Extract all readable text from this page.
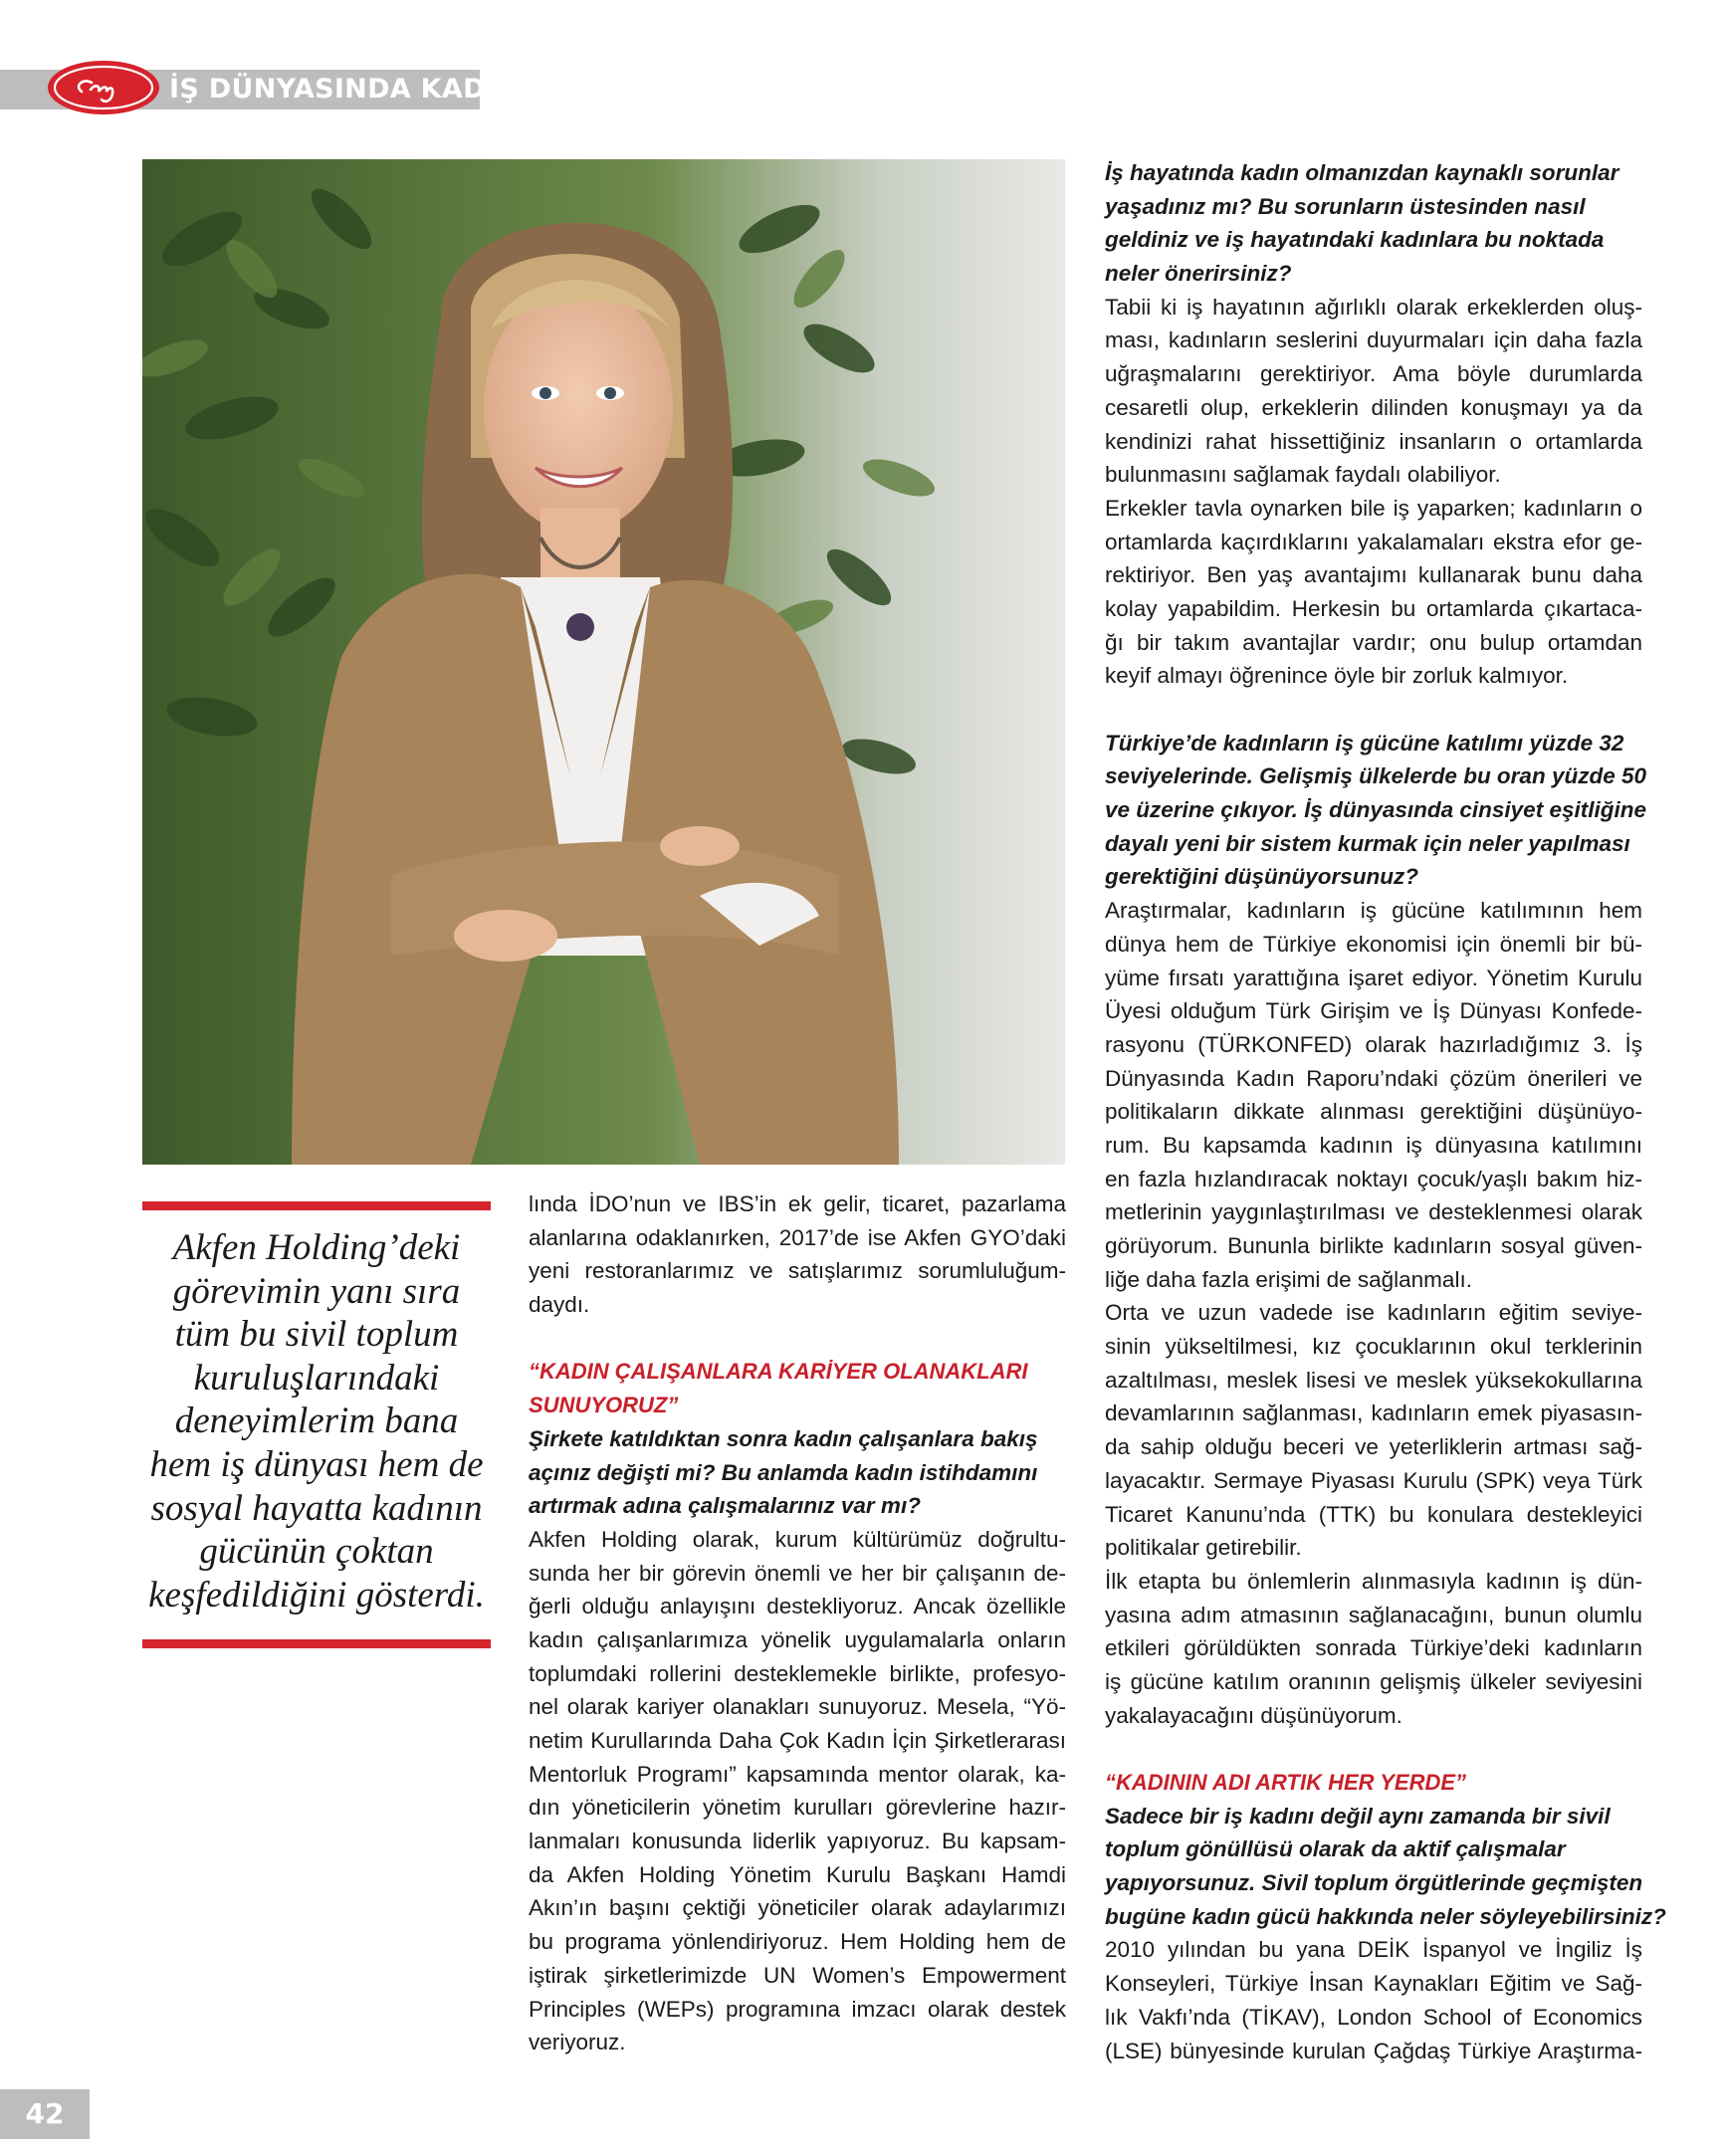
İŞ DÜNYASINDA KADIN
Akfen Holding’deki
görevimin yanı sıra
tüm bu sivil toplum
kuruluşlarındaki
deneyimlerim bana
hem iş dünyası hem de
sosyal hayatta kadının
gücünün çoktan
keşfedildiğini gösterdi.
lında İDO’nun ve IBS’in ek gelir, ticaret, pazarlama
alanlarına odaklanırken, 2017’de ise Akfen GYO’daki
yeni restoranlarımız ve satışlarımız sorumluluğum-
daydı.
“KADIN ÇALIŞANLARA KARİYER OLANAKLARI
SUNUYORUZ”
Şirkete katıldıktan sonra kadın çalışanlara bakış
açınız değişti mi? Bu anlamda kadın istihdamını
artırmak adına çalışmalarınız var mı?
Akfen Holding olarak, kurum kültürümüz doğrultu-
sunda her bir görevin önemli ve her bir çalışanın de-
ğerli olduğu anlayışını destekliyoruz. Ancak özellikle
kadın çalışanlarımıza yönelik uygulamalarla onların
toplumdaki rollerini desteklemekle birlikte, profesyo-
nel olarak kariyer olanakları sunuyoruz. Mesela, “Yö-
netim Kurullarında Daha Çok Kadın İçin Şirketlerarası
Mentorluk Programı” kapsamında mentor olarak, ka-
dın yöneticilerin yönetim kurulları görevlerine hazır-
lanmaları konusunda liderlik yapıyoruz. Bu kapsam-
da Akfen Holding Yönetim Kurulu Başkanı Hamdi
Akın’ın başını çektiği yöneticiler olarak adaylarımızı
bu programa yönlendiriyoruz. Hem Holding hem de
iştirak şirketlerimizde UN Women’s Empowerment
Principles (WEPs) programına imzacı olarak destek
veriyoruz.
İş hayatında kadın olmanızdan kaynaklı sorunlar
yaşadınız mı? Bu sorunların üstesinden nasıl
geldiniz ve iş hayatındaki kadınlara bu noktada
neler önerirsiniz?
Tabii ki iş hayatının ağırlıklı olarak erkeklerden oluş-
ması, kadınların seslerini duyurmaları için daha fazla
uğraşmalarını gerektiriyor. Ama böyle durumlarda
cesaretli olup, erkeklerin dilinden konuşmayı ya da
kendinizi rahat hissettiğiniz insanların o ortamlarda
bulunmasını sağlamak faydalı olabiliyor.
Erkekler tavla oynarken bile iş yaparken; kadınların o
ortamlarda kaçırdıklarını yakalamaları ekstra efor ge-
rektiriyor. Ben yaş avantajımı kullanarak bunu daha
kolay yapabildim. Herkesin bu ortamlarda çıkartaca-
ğı bir takım avantajlar vardır; onu bulup ortamdan
keyif almayı öğrenince öyle bir zorluk kalmıyor.
Türkiye’de kadınların iş gücüne katılımı yüzde 32
seviyelerinde. Gelişmiş ülkelerde bu oran yüzde 50
ve üzerine çıkıyor. İş dünyasında cinsiyet eşitliğine
dayalı yeni bir sistem kurmak için neler yapılması
gerektiğini düşünüyorsunuz?
Araştırmalar, kadınların iş gücüne katılımının hem
dünya hem de Türkiye ekonomisi için önemli bir bü-
yüme fırsatı yarattığına işaret ediyor. Yönetim Kurulu
Üyesi olduğum Türk Girişim ve İş Dünyası Konfede-
rasyonu (TÜRKONFED) olarak hazırladığımız 3. İş
Dünyasında Kadın Raporu’ndaki çözüm önerileri ve
politikaların dikkate alınması gerektiğini düşünüyo-
rum. Bu kapsamda kadının iş dünyasına katılımını
en fazla hızlandıracak noktayı çocuk/yaşlı bakım hiz-
metlerinin yaygınlaştırılması ve desteklenmesi olarak
görüyorum. Bununla birlikte kadınların sosyal güven-
liğe daha fazla erişimi de sağlanmalı.
Orta ve uzun vadede ise kadınların eğitim seviye-
sinin yükseltilmesi, kız çocuklarının okul terklerinin
azaltılması, meslek lisesi ve meslek yüksekokullarına
devamlarının sağlanması, kadınların emek piyasasın-
da sahip olduğu beceri ve yeterliklerin artması sağ-
layacaktır. Sermaye Piyasası Kurulu (SPK) veya Türk
Ticaret Kanunu’nda (TTK) bu konulara destekleyici
politikalar getirebilir.
İlk etapta bu önlemlerin alınmasıyla kadının iş dün-
yasına adım atmasının sağlanacağını, bunun olumlu
etkileri görüldükten sonrada Türkiye’deki kadınların
iş gücüne katılım oranının gelişmiş ülkeler seviyesini
yakalayacağını düşünüyorum.
“KADININ ADI ARTIK HER YERDE”
Sadece bir iş kadını değil aynı zamanda bir sivil
toplum gönüllüsü olarak da aktif çalışmalar
yapıyorsunuz. Sivil toplum örgütlerinde geçmişten
bugüne kadın gücü hakkında neler söyleyebilirsiniz?
2010 yılından bu yana DEİK İspanyol ve İngiliz İş
Konseyleri, Türkiye İnsan Kaynakları Eğitim ve Sağ-
lık Vakfı’nda (TİKAV), London School of Economics
(LSE) bünyesinde kurulan Çağdaş Türkiye Araştırma-
42
